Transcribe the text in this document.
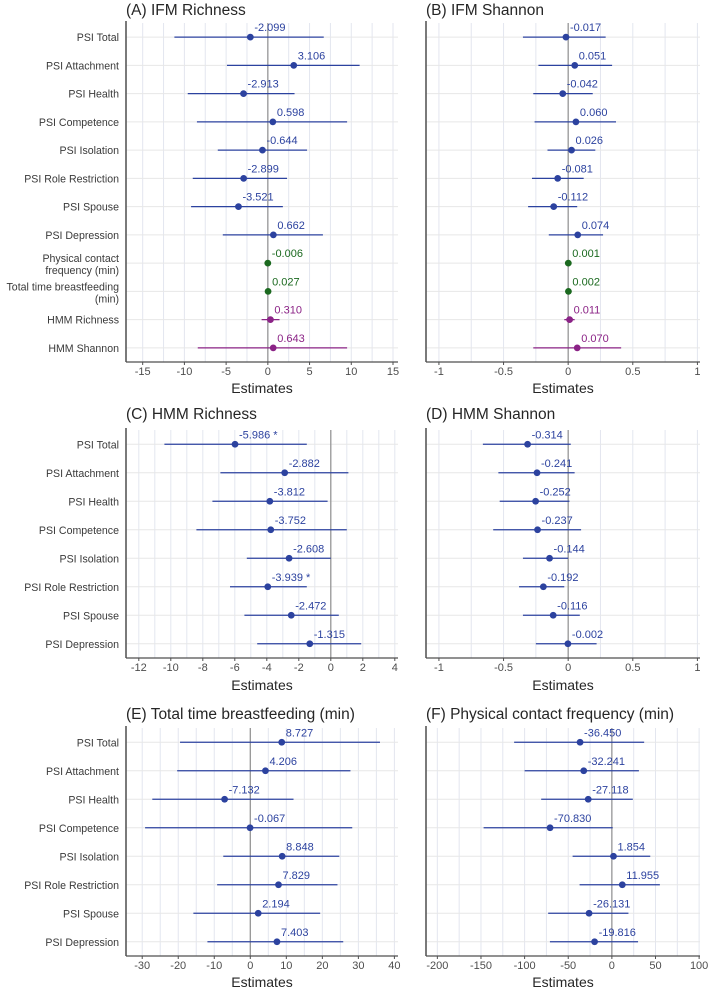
-15 -10	-5	0	5	10	15
(A) IFM Richness
Estimates
PSI Total
PSI Attachment
PSI Health
PSI Competence
PSI Isolation
PSI Role Restriction
PSI Spouse
PSI Depression
Physical contact
frequency (min)
Total time breastfeeding
(min)
HMM Richness
HMM Shannon
-2.099
3.106
-2.913
0.598
-0.644
-2.899
-3.521
0.662
-0.006
0.027
0.310
0.643
-1	-0.5	0	0.5	1
(B) IFM Shannon
Estimates
-0.017
0.051
-0.042
0.060
0.026
-0.081
-0.112
0.074
0.001
0.002
0.011
0.070
-12 -10 -8 -6 -4 -2 0 2 4
(C) HMM Richness
Estimates
PSI Total
PSI Attachment
PSI Health
PSI Competence
PSI Isolation
PSI Role Restriction
PSI Spouse
PSI Depression
-5.986 *
-2.882
-3.812
-3.752
-2.608
-3.939 *
-2.472
-1.315
-1	-0.5	0	0.5	1
(D) HMM Shannon
Estimates
-0.314
-0.241
-0.252
-0.237
-0.144
-0.192
-0.116
-0.002
-30 -20 -10 0 10 20 30 40
(E) Total time breastfeeding (min)
Estimates
PSI Total
PSI Attachment
PSI Health
PSI Competence
PSI Isolation
PSI Role Restriction
PSI Spouse
PSI Depression
8.727
4.206
-7.132
-0.067
8.848
7.829
2.194
7.403
-200 -150 -100 -50	0	50	100
(F) Physical contact frequency (min)
Estimates
-36.450
-32.241
-27.118
-70.830
1.854
11.955
-26.131
-19.816
